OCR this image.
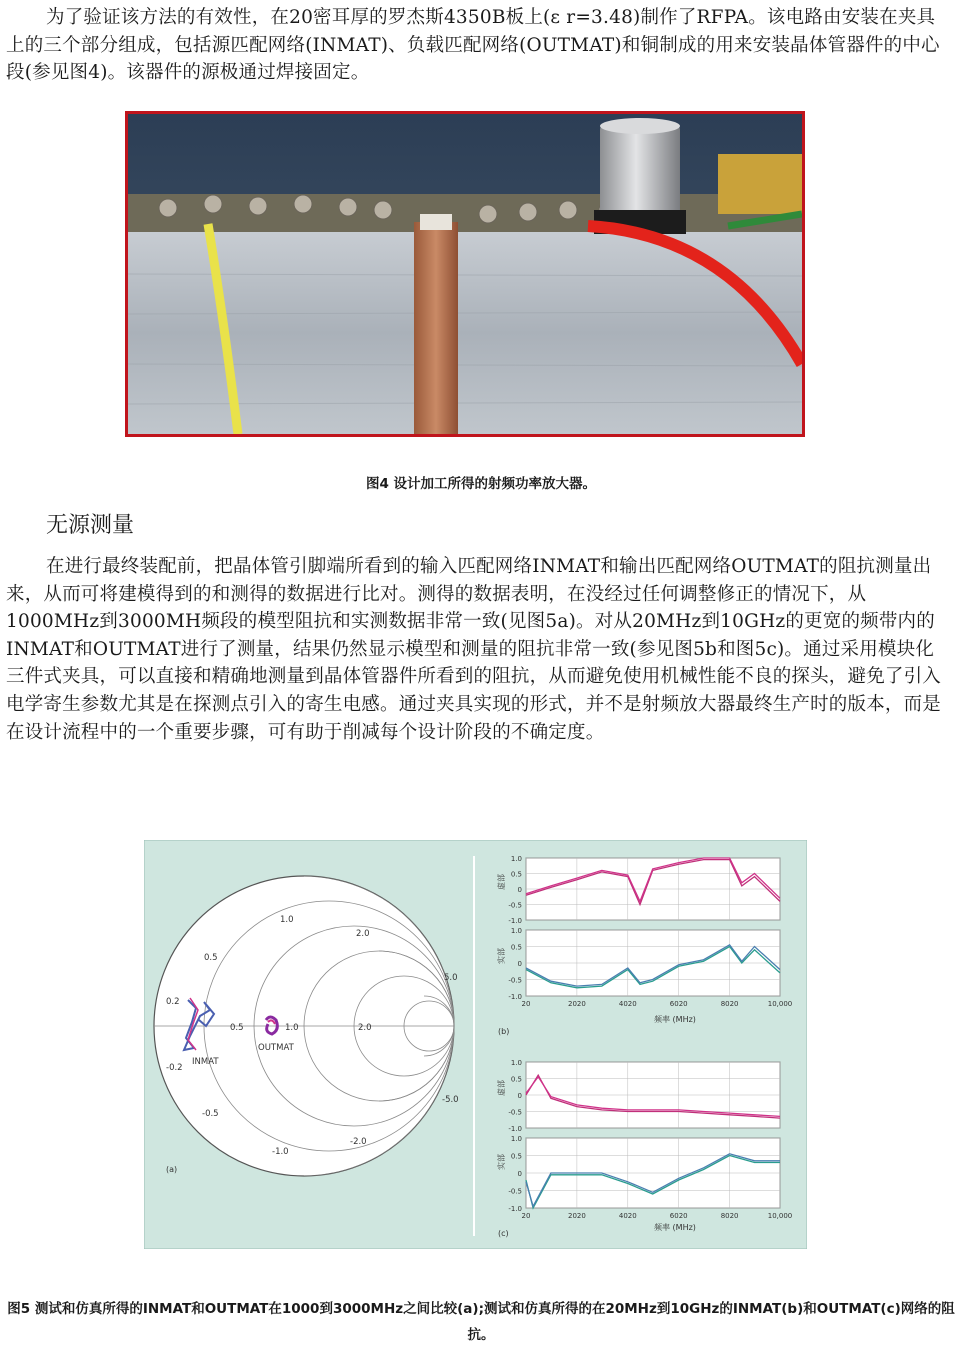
为了验证该方法的有效性，在20密耳厚的罗杰斯4350B板上(ε r=3.48)制作了RFPA。该电路由安装在夹具上的三个部分组成，包括源匹配网络(INMAT)、负载匹配网络(OUTMAT)和铜制成的用来安装晶体管器件的中心段(参见图4)。该器件的源极通过焊接固定。

图4 设计加工所得的射频功率放大器。

无源测量

在进行最终装配前，把晶体管引脚端所看到的输入匹配网络INMAT和输出匹配网络OUTMAT的阻抗测量出来，从而可将建模得到的和测得的数据进行比对。测得的数据表明，在没经过任何调整修正的情况下，从1000MHz到3000MH频段的模型阻抗和实测数据非常一致(见图5a)。对从20MHz到10GHz的更宽的频带内的INMAT和OUTMAT进行了测量，结果仍然显示模型和测量的阻抗非常一致(参见图5b和图5c)。通过采用模块化三件式夹具，可以直接和精确地测量到晶体管器件所看到的阻抗，从而避免使用机械性能不良的探头，避免了引入电学寄生参数尤其是在探测点引入的寄生电感。通过夹具实现的形式，并不是射频放大器最终生产时的版本，而是在设计流程中的一个重要步骤，可有助于削减每个设计阶段的不确定度。

1.0
2.0
5.0
0.5
0.2
0.5	1.0	2.0
-0.2
-0.5
-1.0
-2.0
-5.0
INMAT
OUTMAT
(a)
1.0
0.5
0
-0.5
-1.0
1.0
0.5
0
-0.5
-1.0
20	2020	4020	6020	8020	10,000
1.0
0.5
0
-0.5
-1.0
1.0
0.5
0
-0.5
-1.0
20	2020	4020	6020	8020	10,000
(b)
(c)
频率 (MHz)
频率 (MHz)
虚部
实部
虚部
实部

图5 测试和仿真所得的INMAT和OUTMAT在1000到3000MHz之间比较(a);测试和仿真所得的在20MHz到10GHz的INMAT(b)和OUTMAT(c)网络的阻抗。
